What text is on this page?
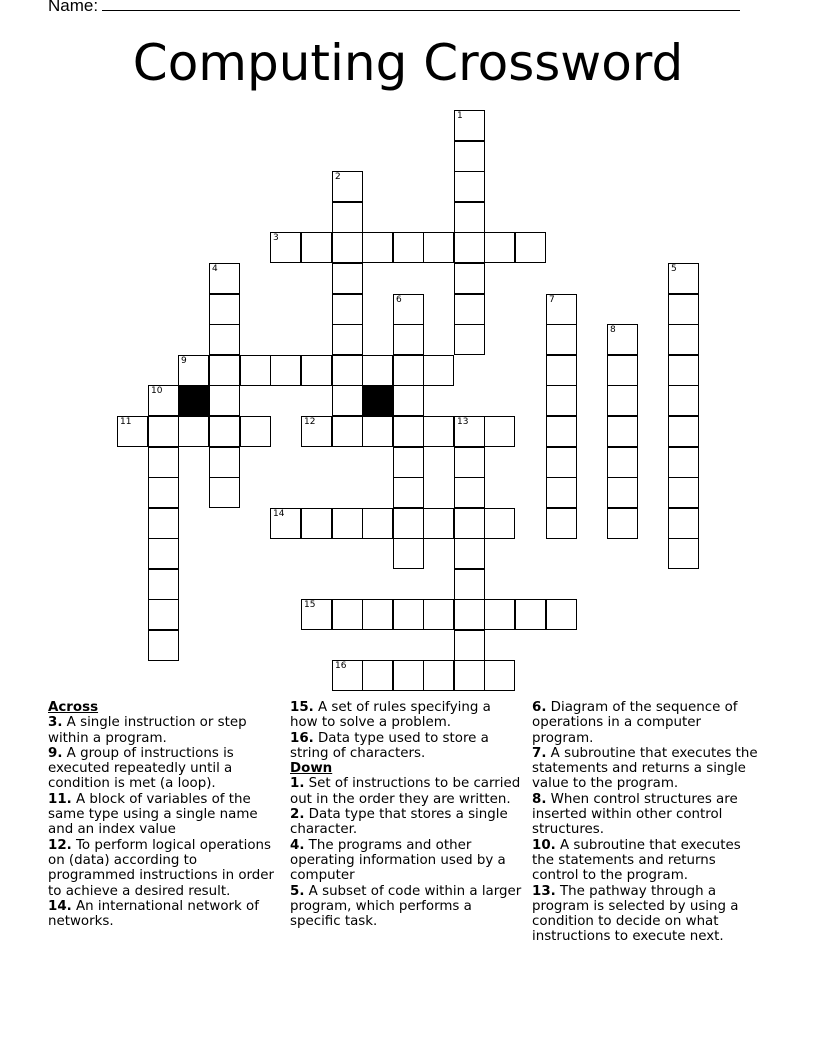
Name:
Computing Crossword
1
2
3
4	5
6	7
8
9
10
11	12	13
14
15
16
Across
3. A single instruction or step within a program.
9. A group of instructions is executed repeatedly until a condition is met (a loop).
11. A block of variables of the same type using a single name and an index value
12. To perform logical operations on (data) according to programmed instructions in order to achieve a desired result.
14. An international network of networks.
15. A set of rules specifying a how to solve a problem.
16. Data type used to store a string of characters.
Down
1. Set of instructions to be carried out in the order they are written.
2. Data type that stores a single character.
4. The programs and other operating information used by a computer
5. A subset of code within a larger program, which performs a specific task.
6. Diagram of the sequence of operations in a computer program.
7. A subroutine that executes the statements and returns a single value to the program.
8. When control structures are inserted within other control structures.
10. A subroutine that executes the statements and returns control to the program.
13. The pathway through a program is selected by using a condition to decide on what instructions to execute next.
